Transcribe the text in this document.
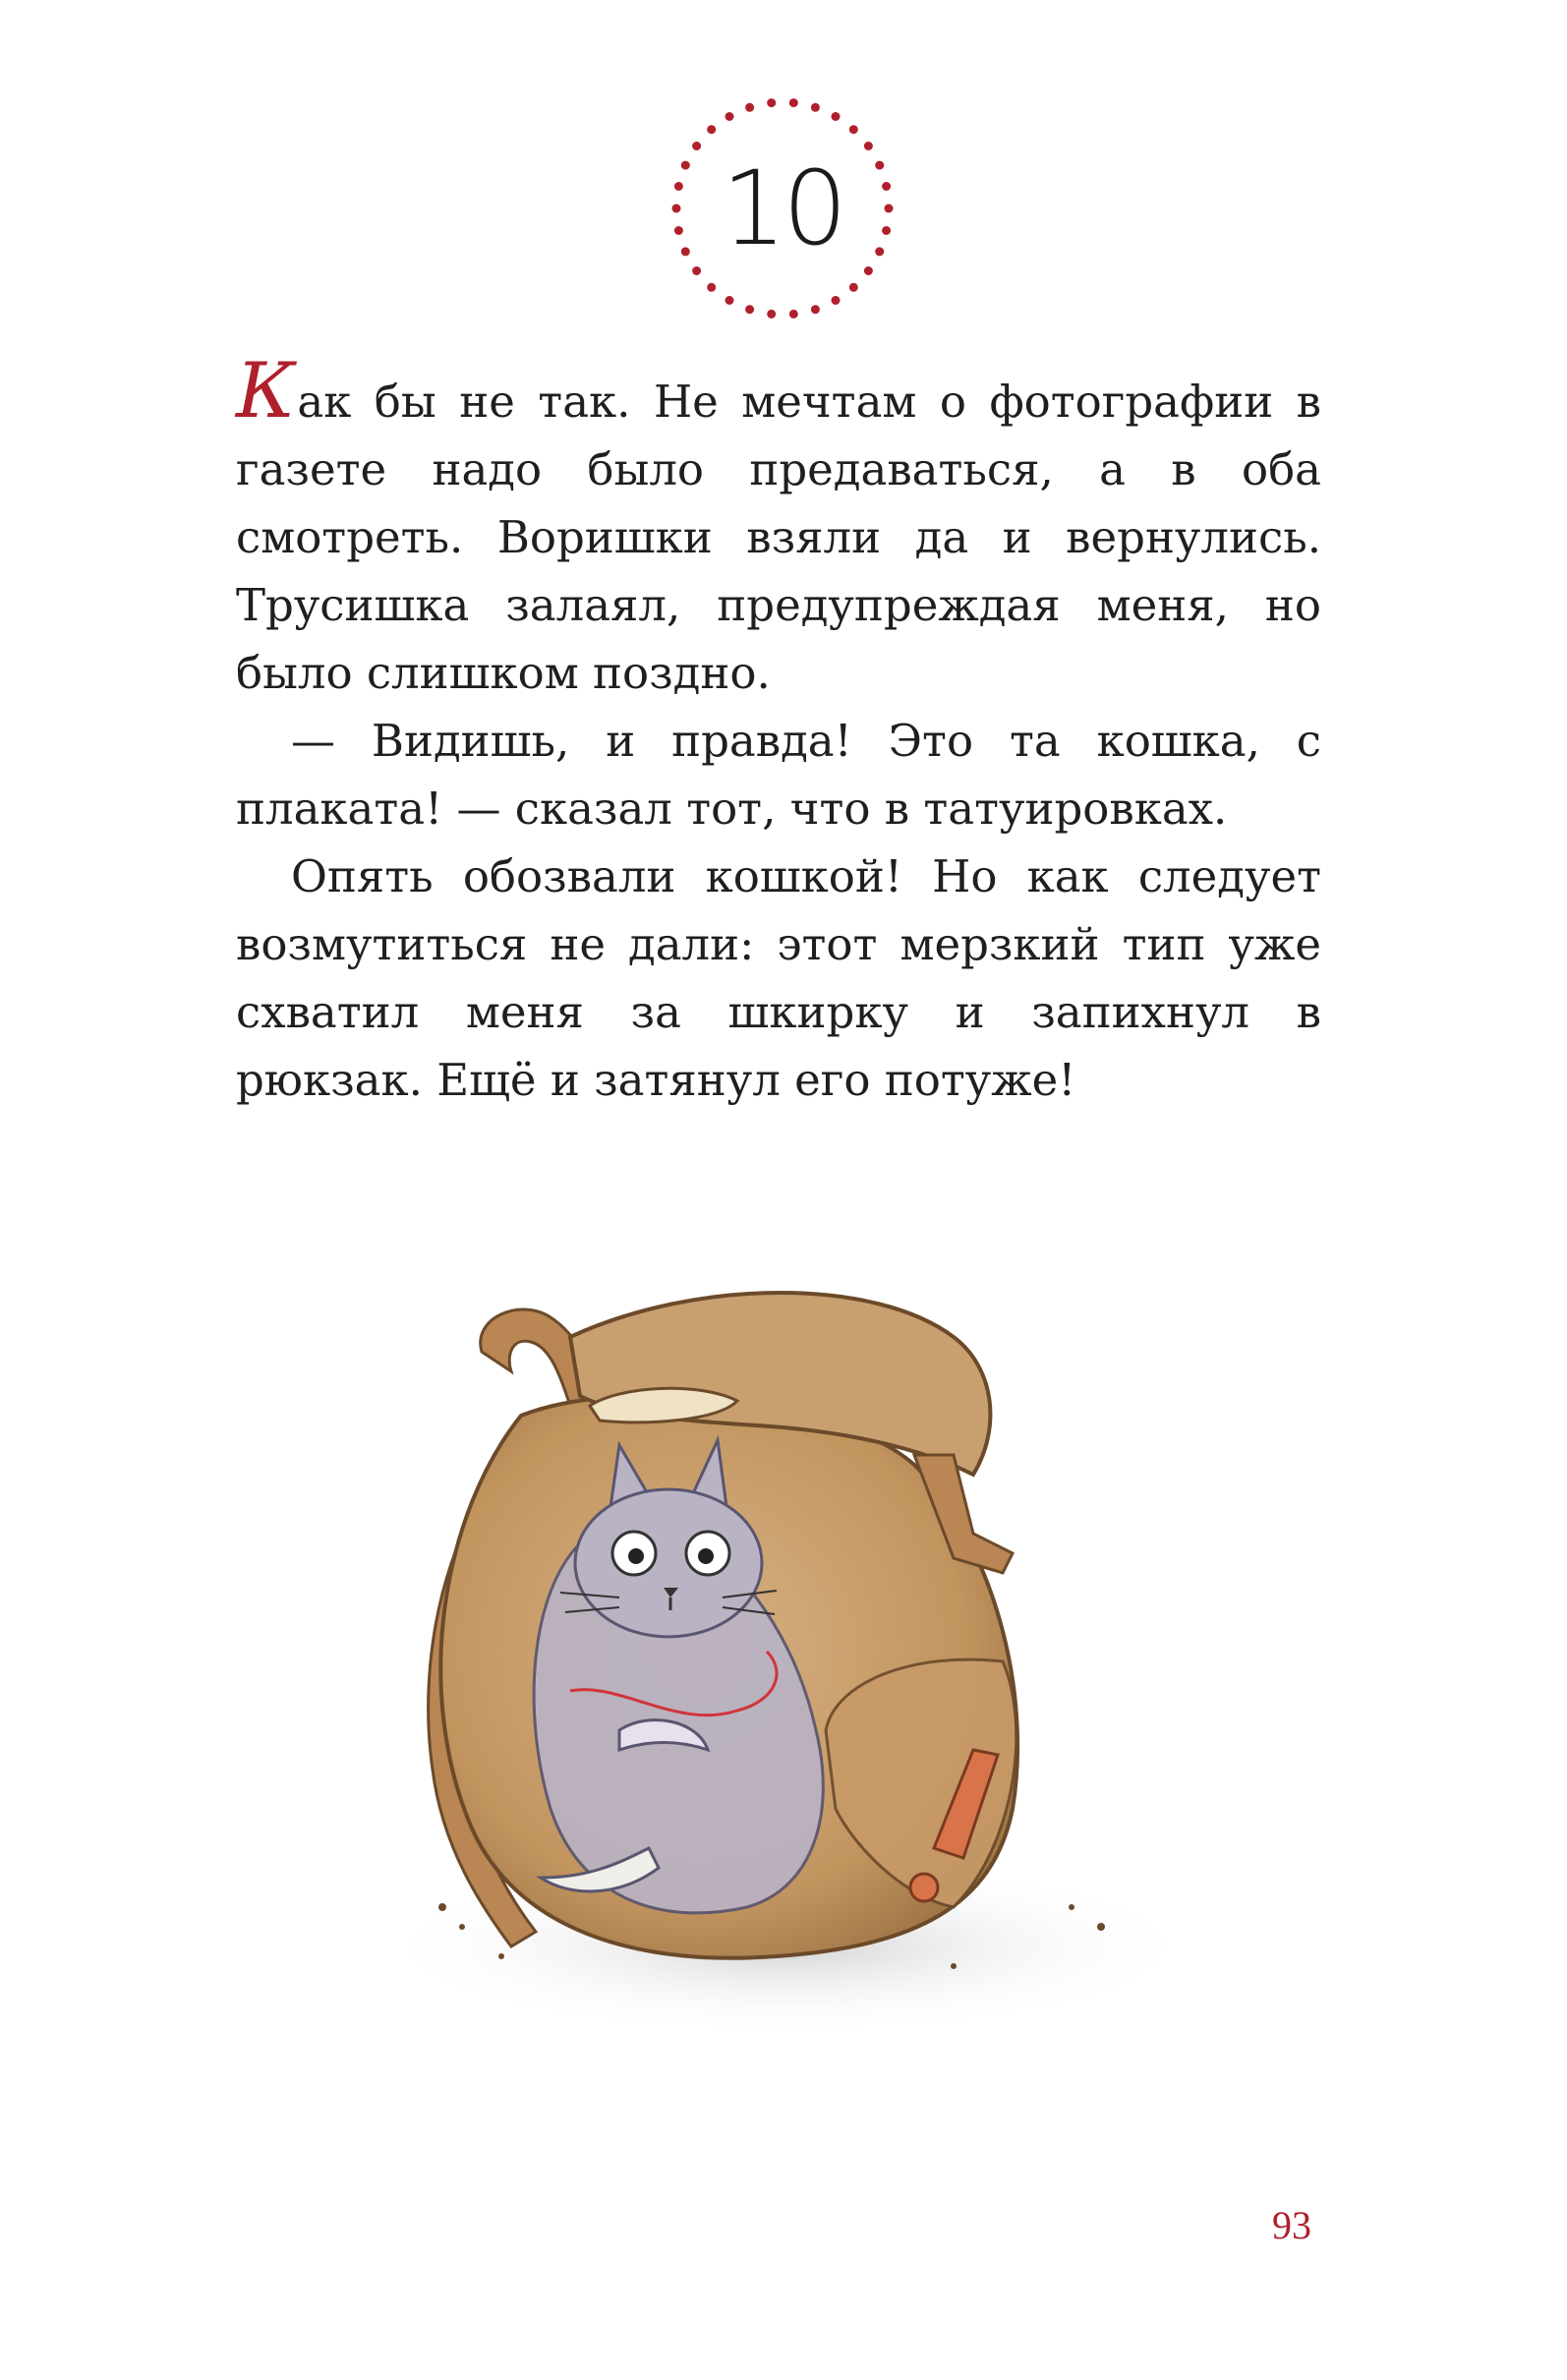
10

Как бы не так. Не мечтам о фотографии в газете надо было предаваться, а в оба смотреть. Воришки взяли да и вернулись. Трусишка залаял, предупреждая меня, но было слишком поздно.

— Видишь, и правда! Это та кошка, с плаката! — сказал тот, что в татуировках.

Опять обозвали кошкой! Но как следует возмутиться не дали: этот мерзкий тип уже схватил меня за шкирку и запихнул в рюкзак. Ещё и затянул его потуже!

93
